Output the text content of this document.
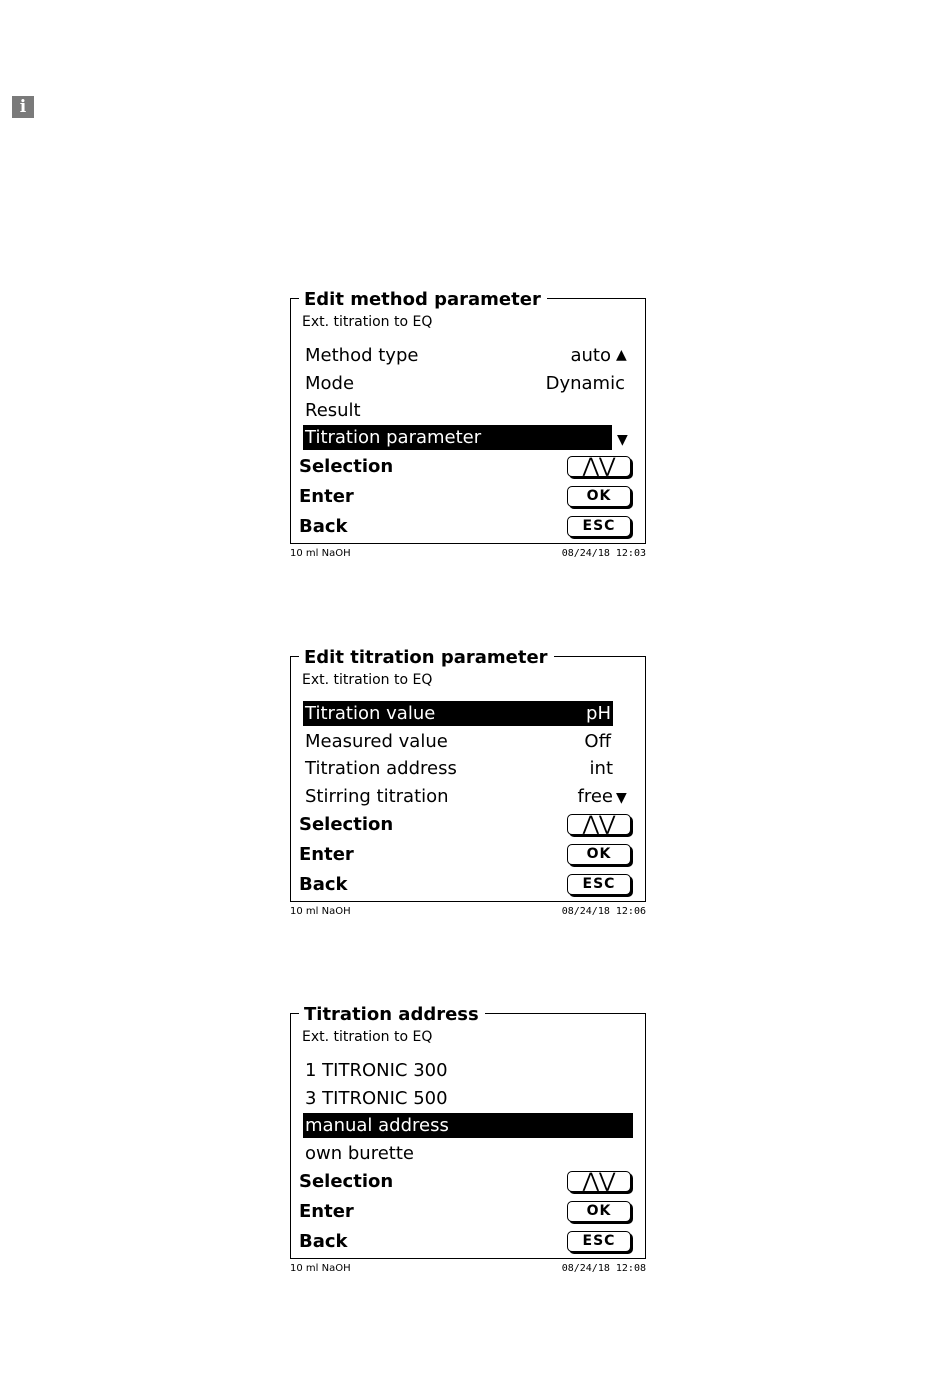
i
Edit method parameter
Ext. titration to EQ
Method type	auto ▲
Mode	Dynamic
Result
Titration parameter	▼
Selection	⋀⋁
Enter	OK
Back	ESC
10 ml NaOH	08/24/18 12:03
Edit titration parameter
Ext. titration to EQ
Titration value	pH
Measured value	Off
Titration address	int
Stirring titration	free ▼
Selection	⋀⋁
Enter	OK
Back	ESC
10 ml NaOH	08/24/18 12:06
Titration address
Ext. titration to EQ
1 TITRONIC 300
3 TITRONIC 500
manual address
own burette
Selection	⋀⋁
Enter	OK
Back	ESC
10 ml NaOH	08/24/18 12:08
